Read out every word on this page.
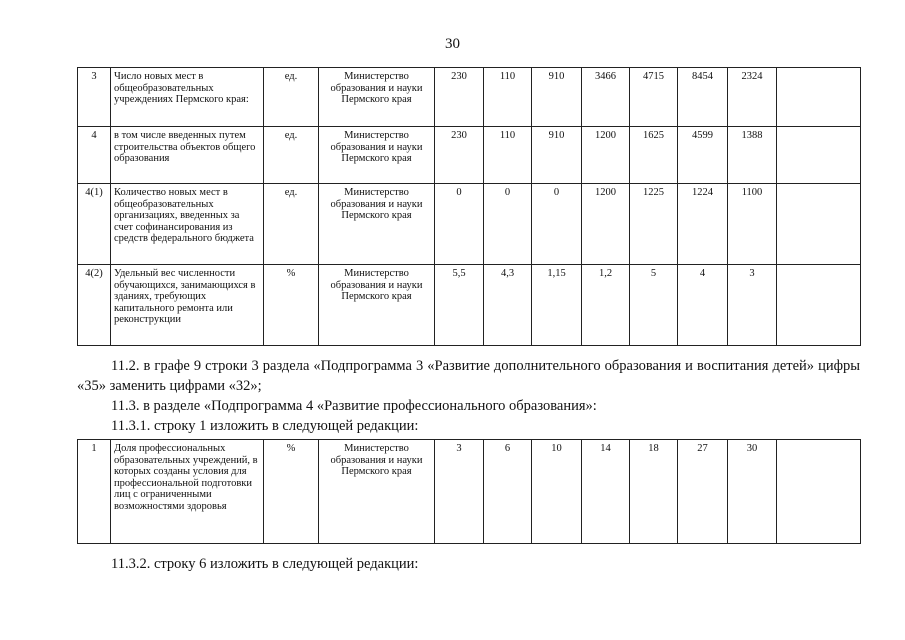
30
3	Число новых мест в общеобразовательных учреждениях Пермского края:	ед.	Министерство образования и науки Пермского края	230	110	910	3466	4715	8454	2324	
4	в том числе введенных путем строительства объектов общего образования	ед.	Министерство образования и науки Пермского края	230	110	910	1200	1625	4599	1388	
4(1)	Количество новых мест в общеобразовательных организациях, введенных за счет софинансирования из средств федерального бюджета	ед.	Министерство образования и науки Пермского края	0	0	0	1200	1225	1224	1100	
4(2)	Удельный вес численности обучающихся, занимающихся в зданиях, требующих капитального ремонта или реконструкции	%	Министерство образования и науки Пермского края	5,5	4,3	1,15	1,2	5	4	3	
11.2. в графе 9 строки 3 раздела «Подпрограмма 3 «Развитие дополнительного образования и воспитания детей» цифры «35» заменить цифрами «32»;
11.3. в разделе «Подпрограмма 4 «Развитие профессионального образования»:
11.3.1. строку 1 изложить в следующей редакции:
1	Доля профессиональных образовательных учреждений, в которых созданы условия для профессиональной подготовки лиц с ограниченными возможностями здоровья	%	Министерство образования и науки Пермского края	3	6	10	14	18	27	30	
11.3.2. строку 6 изложить в следующей редакции:
